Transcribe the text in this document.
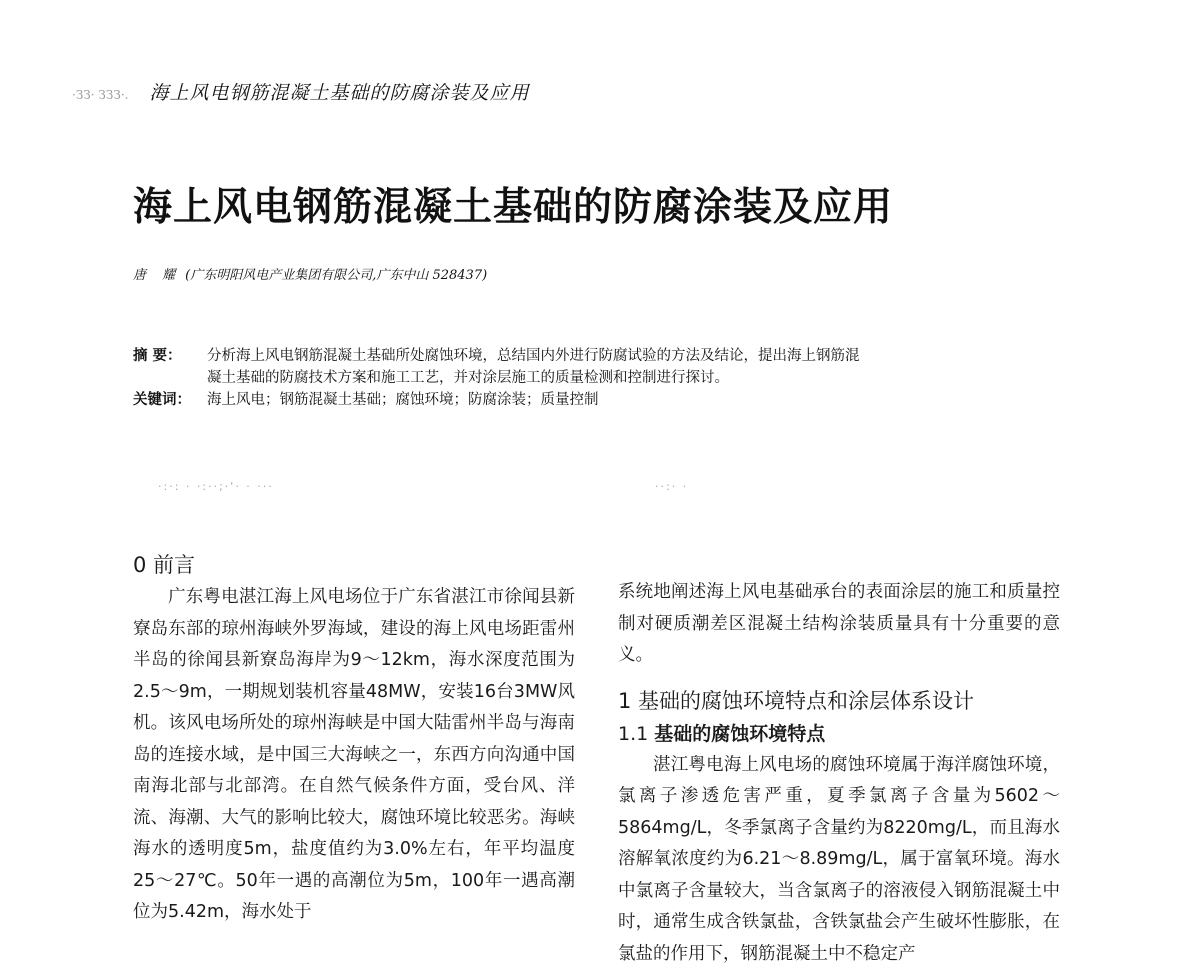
·ЗЗ· ЗЗЗ·. 海上风电钢筋混凝土基础的防腐涂装及应用
海上风电钢筋混凝土基础的防腐涂装及应用
唐 耀 (广东明阳风电产业集团有限公司,广东中山 528437)
摘 要：	分析海上风电钢筋混凝土基础所处腐蚀环境，总结国内外进行防腐试验的方法及结论，提出海上钢筋混
凝土基础的防腐技术方案和施工工艺，并对涂层施工的质量检测和控制进行探讨。
关键词：	海上风电；钢筋混凝土基础；腐蚀环境；防腐涂装；质量控制
·:·: · ·:··;·'· · ···	··:· ·
0 前言

广东粤电湛江海上风电场位于广东省湛江市徐闻县新寮岛东部的琼州海峡外罗海域，建设的海上风电场距雷州半岛的徐闻县新寮岛海岸为9～12km，海水深度范围为2.5～9m，一期规划装机容量48MW，安装16台3MW风机。该风电场所处的琼州海峡是中国大陆雷州半岛与海南岛的连接水域，是中国三大海峡之一，东西方向沟通中国南海北部与北部湾。在自然气候条件方面，受台风、洋流、海潮、大气的影响比较大，腐蚀环境比较恶劣。海峡海水的透明度5m，盐度值约为3.0%左右，年平均温度25～27℃。50年一遇的高潮位为5m，100年一遇高潮位为5.42m，海水处于

系统地阐述海上风电基础承台的表面涂层的施工和质量控制对硬质潮差区混凝土结构涂装质量具有十分重要的意义。

1 基础的腐蚀环境特点和涂层体系设计
1.1 基础的腐蚀环境特点

湛江粤电海上风电场的腐蚀环境属于海洋腐蚀环境，氯离子渗透危害严重，夏季氯离子含量为5602～5864mg/L，冬季氯离子含量约为8220mg/L，而且海水溶解氧浓度约为6.21～8.89mg/L，属于富氧环境。海水中氯离子含量较大，当含氯离子的溶液侵入钢筋混凝土中时，通常生成含铁氯盐，含铁氯盐会产生破坏性膨胀，在氯盐的作用下，钢筋混凝土中不稳定产
